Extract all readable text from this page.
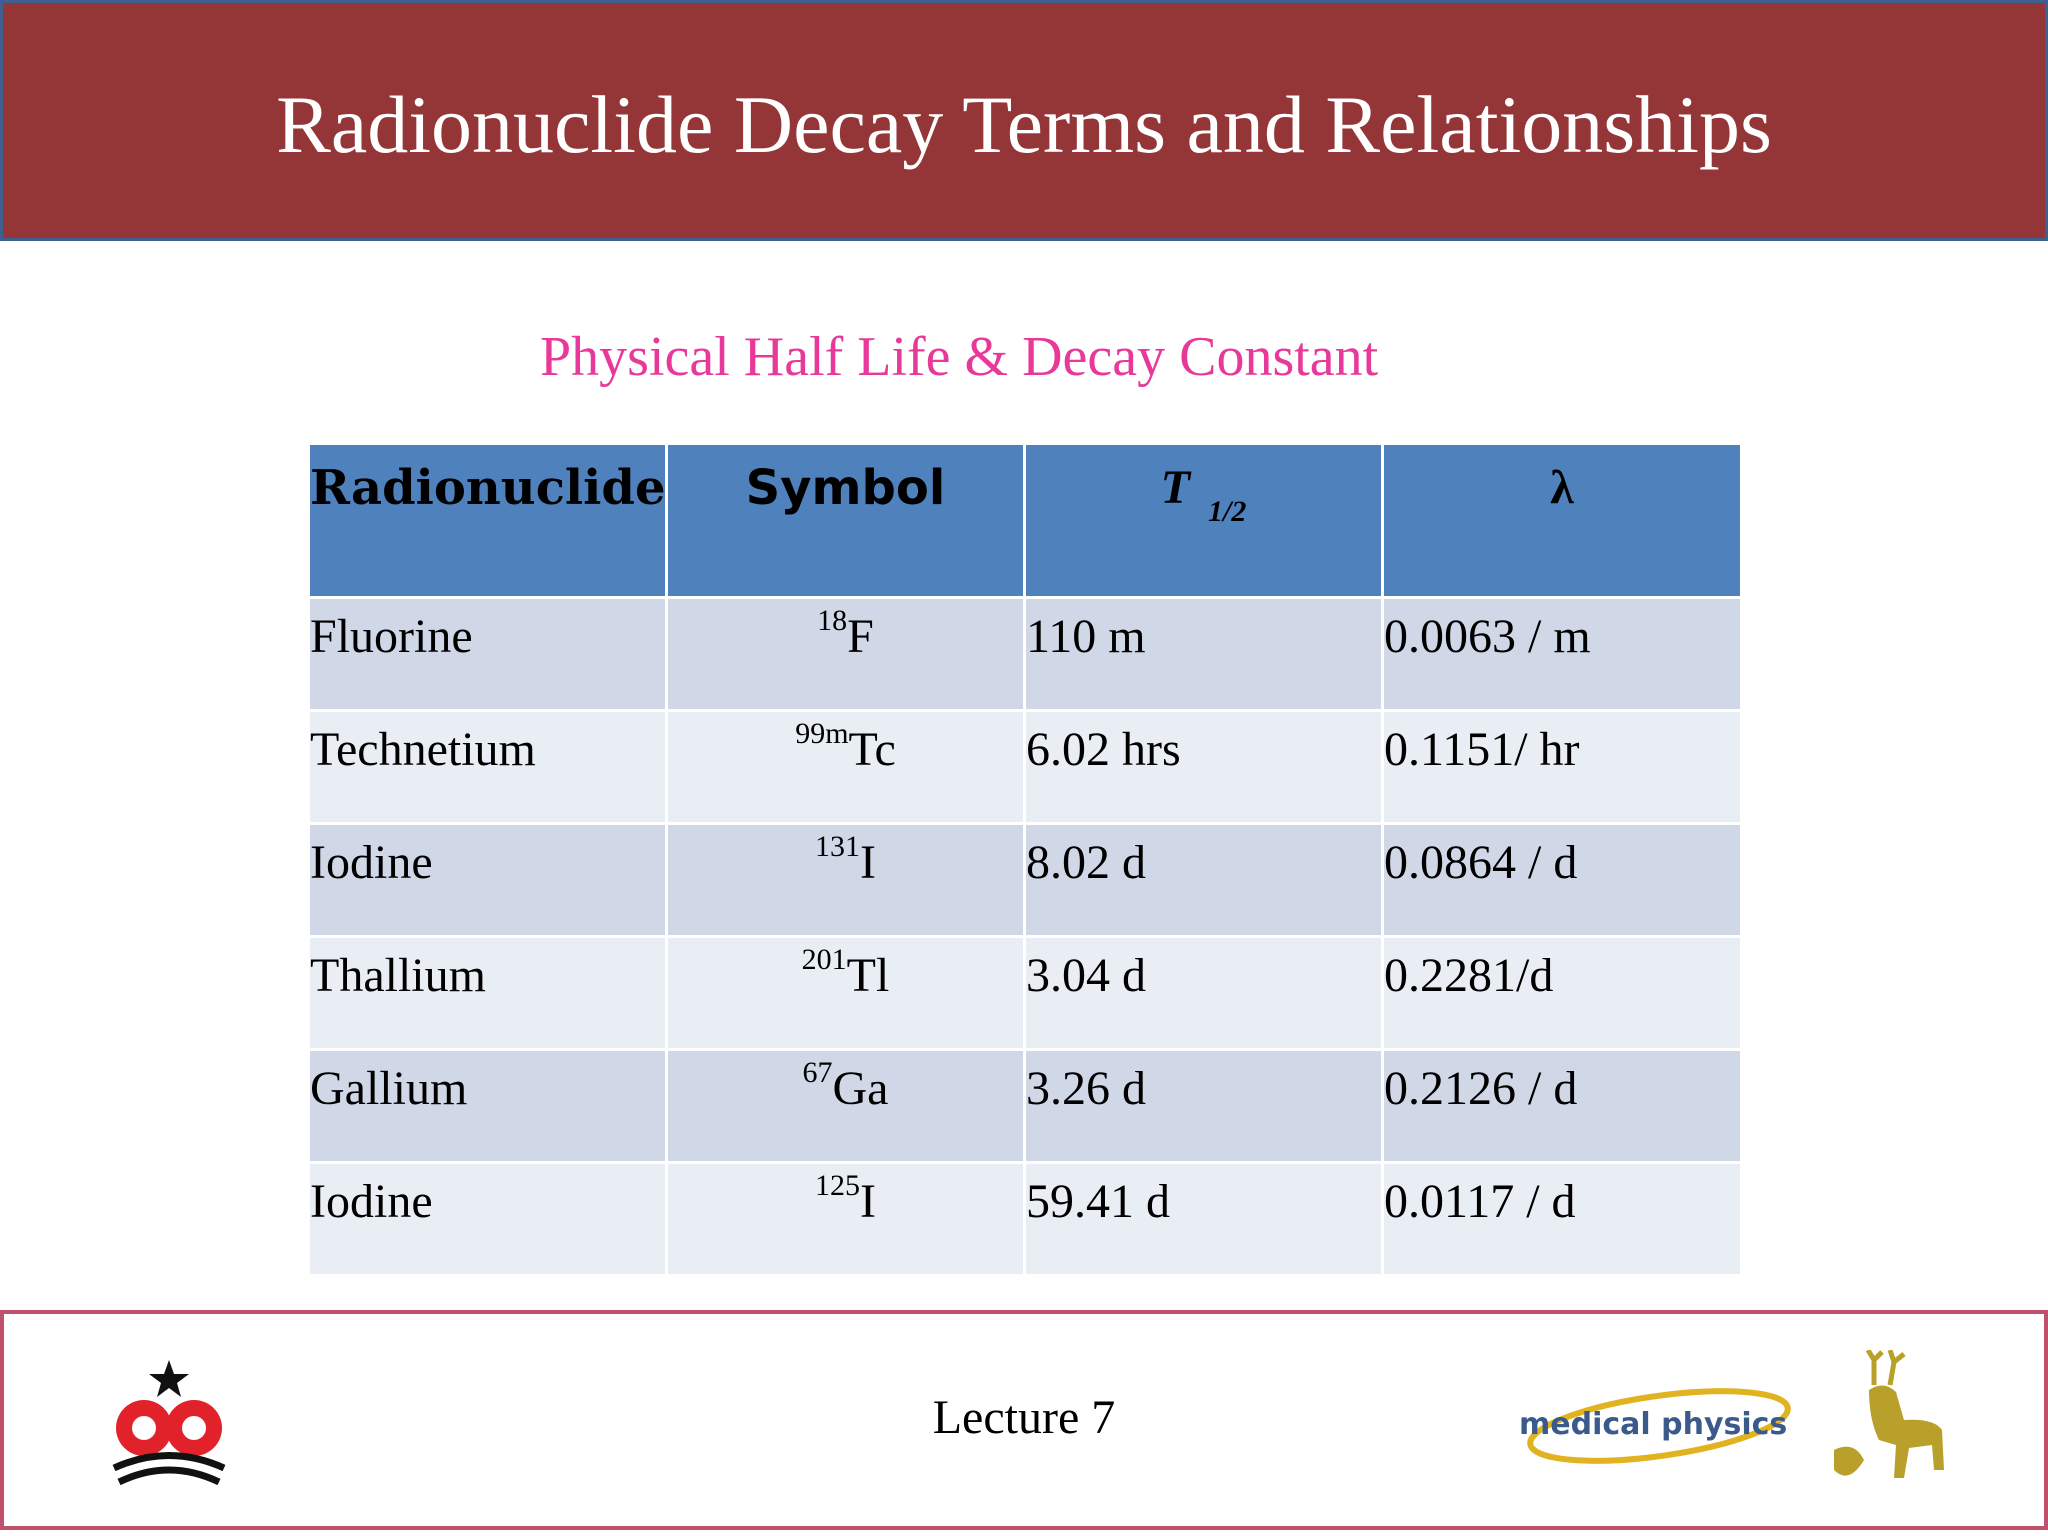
Radionuclide Decay Terms and Relationships
Physical Half Life & Decay Constant
Radionuclide	Symbol	T $_{1/2}$	λ
Fluorine	$^{18}$F	110 m	0.0063 / m
Technetium	$^{99m}$Tc	6.02 hrs	0.1151/ hr
Iodine	$^{131}$I	8.02 d	0.0864 / d
Thallium	$^{201}$Tl	3.04 d	0.2281/d
Gallium	$^{67}$Ga	3.26 d	0.2126 / d
Iodine	$^{125}$I	59.41 d	0.0117 / d
Lecture 7	medical physics
